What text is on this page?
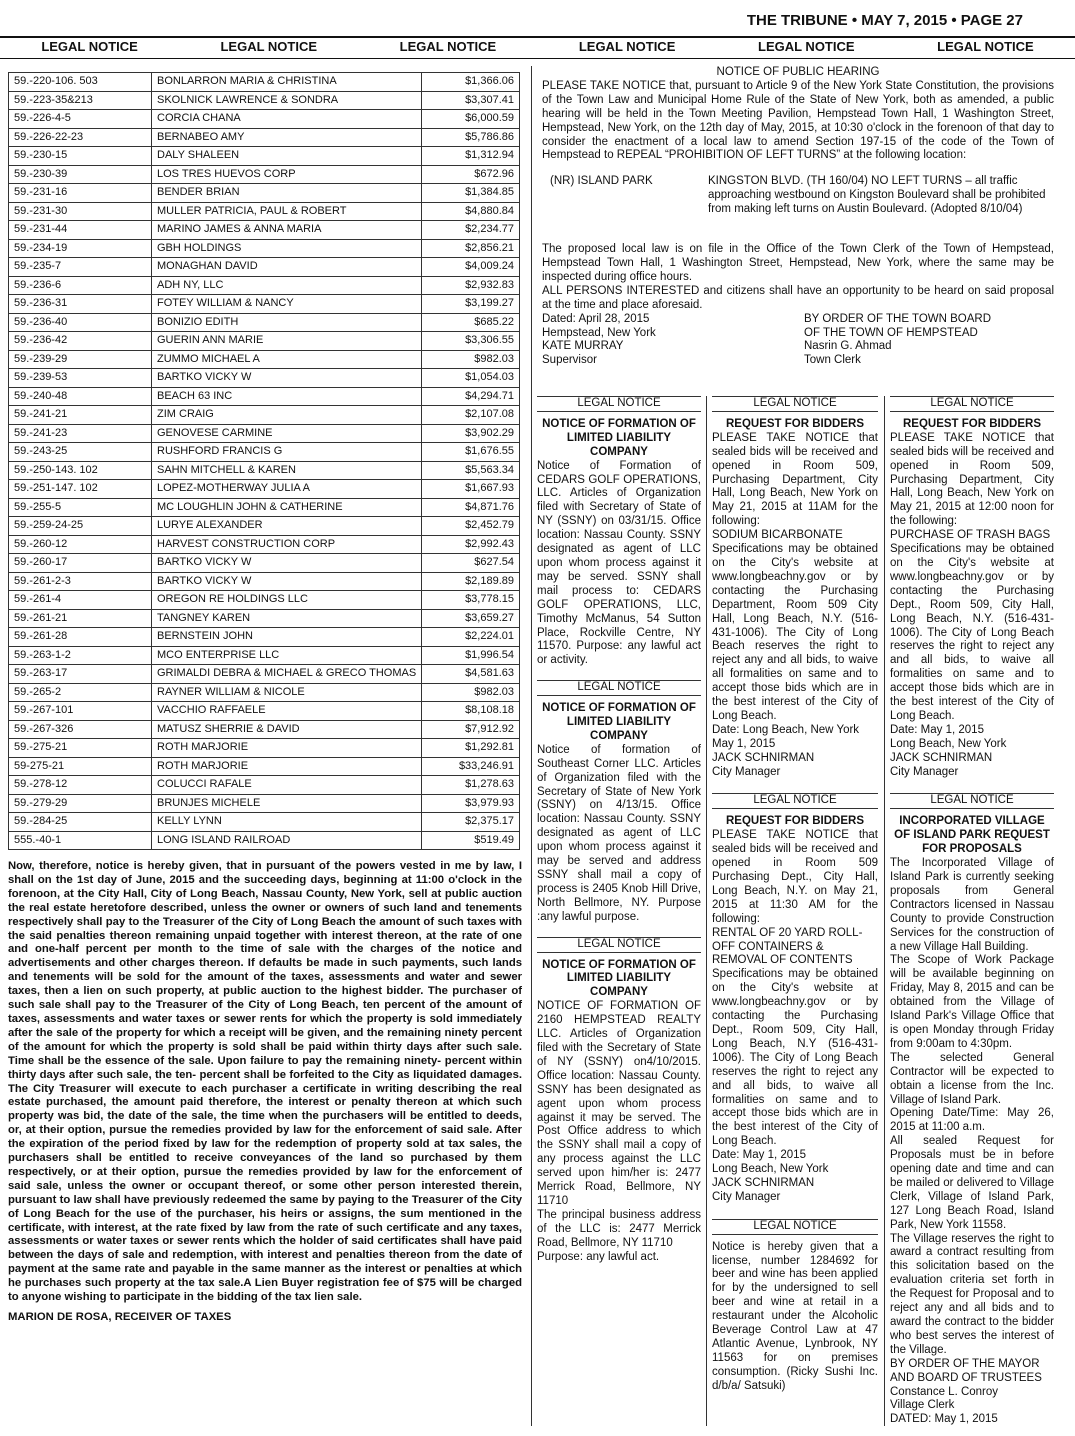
THE TRIBUNE • MAY 7, 2015 • PAGE 27
LEGAL NOTICE	LEGAL NOTICE	LEGAL NOTICE	LEGAL NOTICE	LEGAL NOTICE	LEGAL NOTICE
59.-220-106. 503	BONLARRON MARIA & CHRISTINA	$1,366.06
59.-223-35&213	SKOLNICK LAWRENCE & SONDRA	$3,307.41
59.-226-4-5	CORCIA CHANA	$6,000.59
59.-226-22-23	BERNABEO AMY	$5,786.86
59.-230-15	DALY SHALEEN	$1,312.94
59.-230-39	LOS TRES HUEVOS CORP	$672.96
59.-231-16	BENDER BRIAN	$1,384.85
59.-231-30	MULLER PATRICIA, PAUL & ROBERT	$4,880.84
59.-231-44	MARINO JAMES & ANNA MARIA	$2,234.77
59.-234-19	GBH HOLDINGS	$2,856.21
59.-235-7	MONAGHAN DAVID	$4,009.24
59.-236-6	ADH NY, LLC	$2,932.83
59.-236-31	FOTEY WILLIAM & NANCY	$3,199.27
59.-236-40	BONIZIO EDITH	$685.22
59.-236-42	GUERIN ANN MARIE	$3,306.55
59.-239-29	ZUMMO MICHAEL A	$982.03
59.-239-53	BARTKO VICKY W	$1,054.03
59.-240-48	BEACH 63 INC	$4,294.71
59.-241-21	ZIM CRAIG	$2,107.08
59.-241-23	GENOVESE CARMINE	$3,902.29
59.-243-25	RUSHFORD FRANCIS G	$1,676.55
59.-250-143. 102	SAHN MITCHELL & KAREN	$5,563.34
59.-251-147. 102	LOPEZ-MOTHERWAY JULIA A	$1,667.93
59.-255-5	MC LOUGHLIN JOHN & CATHERINE	$4,871.76
59.-259-24-25	LURYE ALEXANDER	$2,452.79
59.-260-12	HARVEST CONSTRUCTION CORP	$2,992.43
59.-260-17	BARTKO VICKY W	$627.54
59.-261-2-3	BARTKO VICKY W	$2,189.89
59.-261-4	OREGON RE HOLDINGS LLC	$3,778.15
59.-261-21	TANGNEY KAREN	$3,659.27
59.-261-28	BERNSTEIN JOHN	$2,224.01
59.-263-1-2	MCO ENTERPRISE LLC	$1,996.54
59.-263-17	GRIMALDI DEBRA & MICHAEL & GRECO THOMAS	$4,581.63
59.-265-2	RAYNER WILLIAM & NICOLE	$982.03
59.-267-101	VACCHIO RAFFAELE	$8,108.18
59.-267-326	MATUSZ SHERRIE & DAVID	$7,912.92
59.-275-21	ROTH MARJORIE	$1,292.81
59-275-21	ROTH MARJORIE	$33,246.91
59.-278-12	COLUCCI RAFALE	$1,278.63
59.-279-29	BRUNJES MICHELE	$3,979.93
59.-284-25	KELLY LYNN	$2,375.17
555.-40-1	LONG ISLAND RAILROAD	$519.49

Now, therefore, notice is hereby given, that in pursuant of the powers vested in me by law, I shall on the 1st day of June, 2015 and the succeeding days, beginning at 11:00 o'clock in the forenoon, at the City Hall, City of Long Beach, Nassau County, New York, sell at public auction the real estate heretofore described, unless the owner or owners of such land and tenements respectively shall pay to the Treasurer of the City of Long Beach the amount of such taxes with the said penalties thereon remaining unpaid together with interest thereon, at the rate of one and one-half percent per month to the time of sale with the charges of the notice and advertisements and other charges thereon. If defaults be made in such payments, such lands and tenements will be sold for the amount of the taxes, assessments and water and sewer taxes, then a lien on such property, at public auction to the highest bidder. The purchaser of such sale shall pay to the Treasurer of the City of Long Beach, ten percent of the amount of taxes, assessments and water taxes or sewer rents for which the property is sold immediately after the sale of the property for which a receipt will be given, and the remaining ninety percent of the amount for which the property is sold shall be paid within thirty days after such sale. Time shall be the essence of the sale. Upon failure to pay the remaining ninety- percent within thirty days after such sale, the ten- percent shall be forfeited to the City as liquidated damages. The City Treasurer will execute to each purchaser a certificate in writing describing the real estate purchased, the amount paid therefore, the interest or penalty thereon at which such property was bid, the date of the sale, the time when the purchasers will be entitled to deeds, or, at their option, pursue the remedies provided by law for the enforcement of said sale. After the expiration of the period fixed by law for the redemption of property sold at tax sales, the purchasers shall be entitled to receive conveyances of the land so purchased by them respectively, or at their option, pursue the remedies provided by law for the enforcement of said sale, unless the owner or occupant thereof, or some other person interested therein, pursuant to law shall have previously redeemed the same by paying to the Treasurer of the City of Long Beach for the use of the purchaser, his heirs or assigns, the sum mentioned in the certificate, with interest, at the rate fixed by law from the rate of such certificate and any taxes, assessments or water taxes or sewer rents which the holder of said certificates shall have paid between the days of sale and redemption, with interest and penalties thereon from the date of payment at the same rate and payable in the same manner as the interest or penalties at which he purchases such property at the tax sale.A Lien Buyer registration fee of $75 will be charged to anyone wishing to participate in the bidding of the tax lien sale.

MARION DE ROSA, RECEIVER OF TAXES

NOTICE OF PUBLIC HEARING

PLEASE TAKE NOTICE that, pursuant to Article 9 of the New York State Constitution, the provisions of the Town Law and Municipal Home Rule of the State of New York, both as amended, a public hearing will be held in the Town Meeting Pavilion, Hempstead Town Hall, 1 Washington Street, Hempstead, New York, on the 12th day of May, 2015, at 10:30 o'clock in the forenoon of that day to consider the enactment of a local law to amend Section 197-15 of the code of the Town of Hempstead to REPEAL “PROHIBITION OF LEFT TURNS” at the following location:

(NR) ISLAND PARK	KINGSTON BLVD. (TH 160/04) NO LEFT TURNS – all traffic approaching westbound on Kingston Boulevard shall be prohibited from making left turns on Austin Boulevard. (Adopted 8/10/04)

The proposed local law is on file in the Office of the Town Clerk of the Town of Hempstead, Hempstead Town Hall, 1 Washington Street, Hempstead, New York, where the same may be inspected during office hours.

ALL PERSONS INTERESTED and citizens shall have an opportunity to be heard on said proposal at the time and place aforesaid.

Dated: April 28, 2015
Hempstead, New York
KATE MURRAY
Supervisor
BY ORDER OF THE TOWN BOARD
OF THE TOWN OF HEMPSTEAD
Nasrin G. Ahmad
Town Clerk
LEGAL NOTICE
NOTICE OF FORMATION OF LIMITED LIABILITY COMPANY

Notice of Formation of CEDARS GOLF OPERATIONS, LLC. Articles of Organization filed with Secretary of State of NY (SSNY) on 03/31/15. Office location: Nassau County. SSNY designated as agent of LLC upon whom process against it may be served. SSNY shall mail process to: CEDARS GOLF OPERATIONS, LLC, Timothy McManus, 54 Sutton Place, Rockville Centre, NY 11570. Purpose: any lawful act or activity.

LEGAL NOTICE
NOTICE OF FORMATION OF LIMITED LIABILITY COMPANY

Notice of formation of Southeast Corner LLC. Articles of Organization filed with the Secretary of State of New York (SSNY) on 4/13/15. Office location: Nassau County. SSNY designated as agent of LLC upon whom process against it may be served and address SSNY shall mail a copy of process is 2405 Knob Hill Drive, North Bellmore, NY. Purpose :any lawful purpose.

LEGAL NOTICE
NOTICE OF FORMATION OF LIMITED LIABILITY COMPANY

NOTICE OF FORMATION OF 2160 HEMPSTEAD REALTY LLC. Articles of Organization filed with the Secretary of State of NY (SSNY) on4/10/2015. Office location: Nassau County. SSNY has been designated as agent upon whom process against it may be served. The Post Office address to which the SSNY shall mail a copy of any process against the LLC served upon him/her is: 2477 Merrick Road, Bellmore, NY 11710

The principal business address of the LLC is: 2477 Merrick Road, Bellmore, NY 11710

Purpose: any lawful act.

LEGAL NOTICE
REQUEST FOR BIDDERS

PLEASE TAKE NOTICE that sealed bids will be received and opened in Room 509, Purchasing Department, City Hall, Long Beach, New York on May 21, 2015 at 11AM for the following:

SODIUM BICARBONATE

Specifications may be obtained on the City's website at www.longbeachny.gov or by contacting the Purchasing Department, Room 509 City Hall, Long Beach, N.Y. (516-431-1006). The City of Long Beach reserves the right to reject any and all bids, to waive all formalities on same and to accept those bids which are in the best interest of the City of Long Beach.

Date: Long Beach, New York
May 1, 2015
JACK SCHNIRMAN
City Manager
LEGAL NOTICE
REQUEST FOR BIDDERS

PLEASE TAKE NOTICE that sealed bids will be received and opened in Room 509 Purchasing Dept., City Hall, Long Beach, N.Y. on May 21, 2015 at 11:30 AM for the following:

RENTAL OF 20 YARD ROLL-OFF CONTAINERS & REMOVAL OF CONTENTS

Specifications may be obtained on the City's website at www.longbeachny.gov or by contacting the Purchasing Dept., Room 509, City Hall, Long Beach, N.Y (516-431-1006). The City of Long Beach reserves the right to reject any and all bids, to waive all formalities on same and to accept those bids which are in the best interest of the City of Long Beach.

Date: May 1, 2015
Long Beach, New York
JACK SCHNIRMAN
City Manager
LEGAL NOTICE

Notice is hereby given that a license, number 1284692 for beer and wine has been applied for by the undersigned to sell beer and wine at retail in a restaurant under the Alcoholic Beverage Control Law at 47 Atlantic Avenue, Lynbrook, NY 11563 for on premises consumption. (Ricky Sushi Inc. d/b/a/ Satsuki)

LEGAL NOTICE
REQUEST FOR BIDDERS

PLEASE TAKE NOTICE that sealed bids will be received and opened in Room 509, Purchasing Department, City Hall, Long Beach, New York on May 21, 2015 at 12:00 noon for the following:

PURCHASE OF TRASH BAGS

Specifications may be obtained on the City's website at www.longbeachny.gov or by contacting the Purchasing Dept., Room 509, City Hall, Long Beach, N.Y. (516-431-1006). The City of Long Beach reserves the right to reject any and all bids, to waive all formalities on same and to accept those bids which are in the best interest of the City of Long Beach.

Date: May 1, 2015
Long Beach, New York
JACK SCHNIRMAN
City Manager
LEGAL NOTICE
INCORPORATED VILLAGE OF ISLAND PARK REQUEST FOR PROPOSALS

The Incorporated Village of Island Park is currently seeking proposals from General Contractors licensed in Nassau County to provide Construction Services for the construction of a new Village Hall Building.

The Scope of Work Package will be available beginning on Friday, May 8, 2015 and can be obtained from the Village of Island Park's Village Office that is open Monday through Friday from 9:00am to 4:30pm.

The selected General Contractor will be expected to obtain a license from the Inc. Village of Island Park.

Opening Date/Time: May 26, 2015 at 11:00 a.m.

All sealed Request for Proposals must be in before opening date and time and can be mailed or delivered to Village Clerk, Village of Island Park, 127 Long Beach Road, Island Park, New York 11558.

The Village reserves the right to award a contract resulting from this solicitation based on the evaluation criteria set forth in the Request for Proposal and to reject any and all bids and to award the contract to the bidder who best serves the interest of the Village.

BY ORDER OF THE MAYOR
AND BOARD OF TRUSTEES
Constance L. Conroy
Village Clerk
DATED: May 1, 2015
